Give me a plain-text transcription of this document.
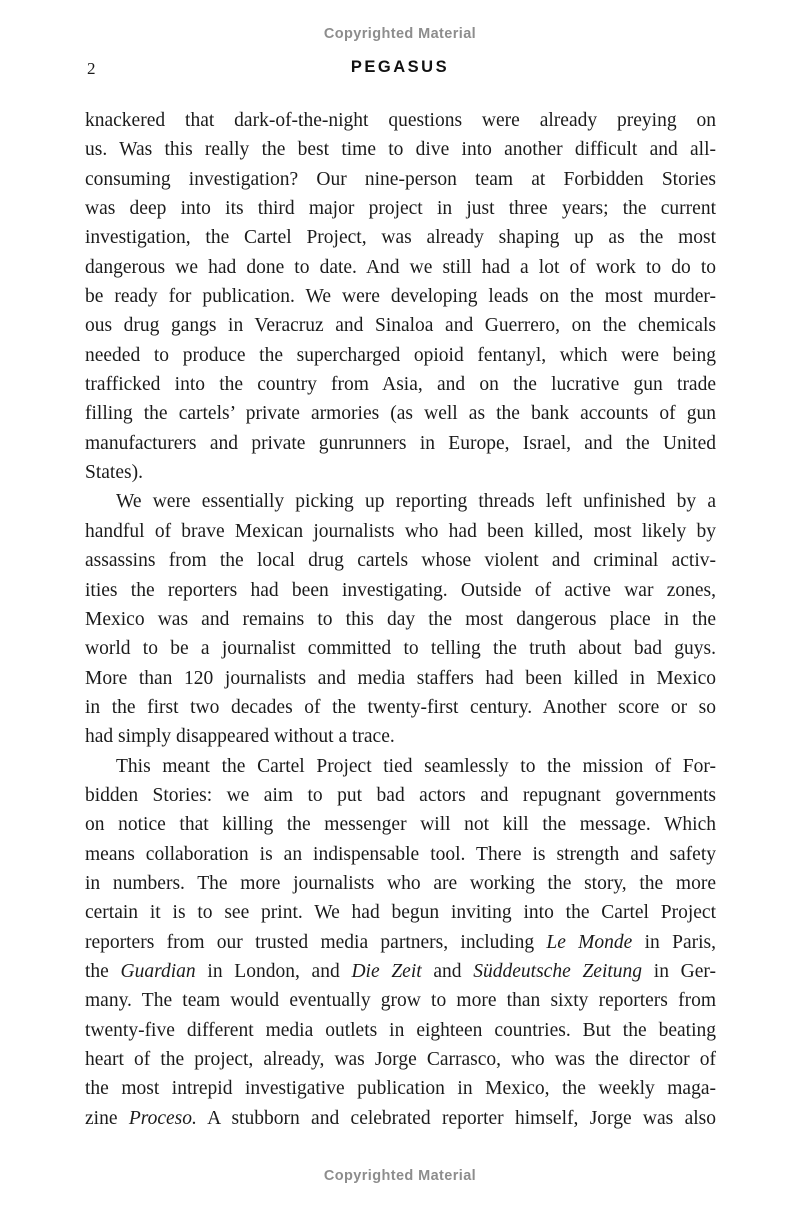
Copyrighted Material
2	PEGASUS
knackered that dark-of-the-night questions were already preying on
us. Was this really the best time to dive into another difficult and all-
consuming investigation? Our nine-person team at Forbidden Stories
was deep into its third major project in just three years; the current
investigation, the Cartel Project, was already shaping up as the most
dangerous we had done to date. And we still had a lot of work to do to
be ready for publication. We were developing leads on the most murder-
ous drug gangs in Veracruz and Sinaloa and Guerrero, on the chemicals
needed to produce the supercharged opioid fentanyl, which were being
trafficked into the country from Asia, and on the lucrative gun trade
filling the cartels’ private armories (as well as the bank accounts of gun
manufacturers and private gunrunners in Europe, Israel, and the United
States).
We were essentially picking up reporting threads left unfinished by a
handful of brave Mexican journalists who had been killed, most likely by
assassins from the local drug cartels whose violent and criminal activ-
ities the reporters had been investigating. Outside of active war zones,
Mexico was and remains to this day the most dangerous place in the
world to be a journalist committed to telling the truth about bad guys.
More than 120 journalists and media staffers had been killed in Mexico
in the first two decades of the twenty-first century. Another score or so
had simply disappeared without a trace.
This meant the Cartel Project tied seamlessly to the mission of For-
bidden Stories: we aim to put bad actors and repugnant governments
on notice that killing the messenger will not kill the message. Which
means collaboration is an indispensable tool. There is strength and safety
in numbers. The more journalists who are working the story, the more
certain it is to see print. We had begun inviting into the Cartel Project
reporters from our trusted media partners, including Le Monde in Paris,
the Guardian in London, and Die Zeit and Süddeutsche Zeitung in Ger-
many. The team would eventually grow to more than sixty reporters from
twenty-five different media outlets in eighteen countries. But the beating
heart of the project, already, was Jorge Carrasco, who was the director of
the most intrepid investigative publication in Mexico, the weekly maga-
zine Proceso. A stubborn and celebrated reporter himself, Jorge was also
Copyrighted Material
